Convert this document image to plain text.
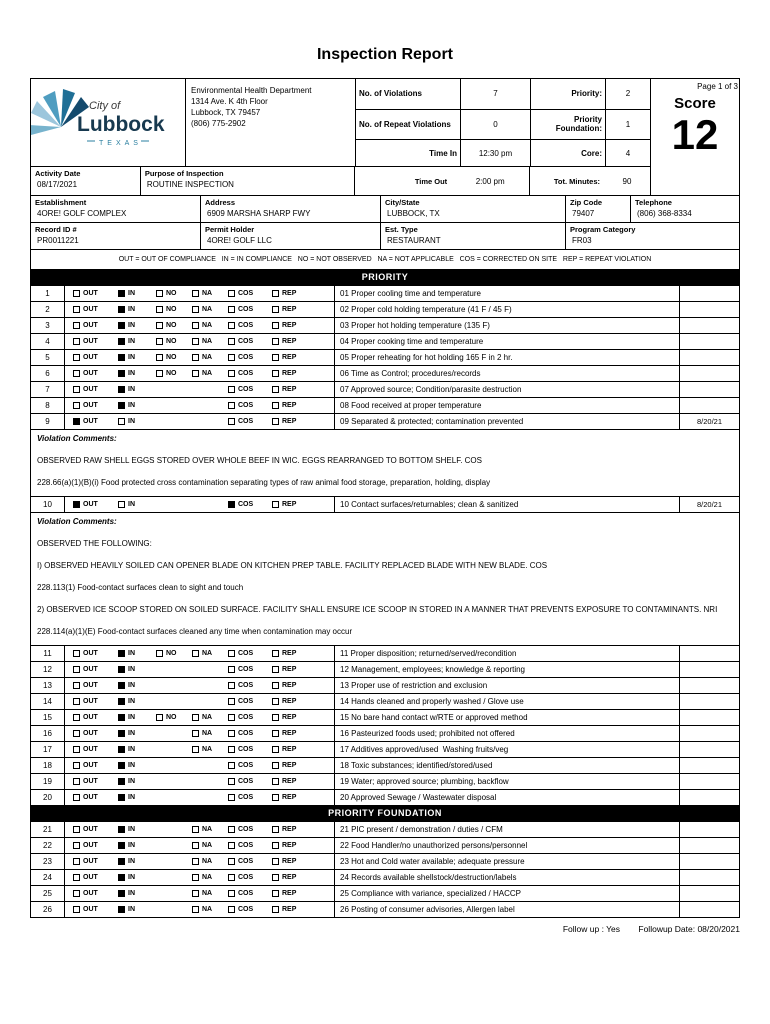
Inspection Report
Page 1 of 3
City of
Lubbock
TEXAS
Environmental Health Department
1314 Ave. K 4th Floor
Lubbock, TX 79457
(806) 775-2902
No. of Violations	7	Priority:	2
No. of Repeat Violations	0	Priority Foundation:	1
Time In	12:30 pm	Core:	4
Activity Date
08/17/2021
Purpose of Inspection
ROUTINE INSPECTION	Time Out	2:00 pm	Tot. Minutes:	90
Score
12
Establishment
4ORE! GOLF COMPLEX
Address
6909 MARSHA SHARP FWY
City/State
LUBBOCK, TX
Zip Code
79407
Telephone
(806) 368-8334
Record ID #
PR0011221
Permit Holder
4ORE! GOLF LLC
Est. Type
RESTAURANT
Program Category
FR03
OUT = OUT OF COMPLIANCE   IN = IN COMPLIANCE   NO = NOT OBSERVED   NA = NOT APPLICABLE   COS = CORRECTED ON SITE   REP = REPEAT VIOLATION
PRIORITY
1	OUT	IN	NO	NA	COS	REP	01 Proper cooling time and temperature
2	OUT	IN	NO	NA	COS	REP	02 Proper cold holding temperature (41 F / 45 F)
3	OUT	IN	NO	NA	COS	REP	03 Proper hot holding temperature (135 F)
4	OUT	IN	NO	NA	COS	REP	04 Proper cooking time and temperature
5	OUT	IN	NO	NA	COS	REP	05 Proper reheating for hot holding 165 F in 2 hr.
6	OUT	IN	NO	NA	COS	REP	06 Time as Control; procedures/records
7	OUT	IN	COS	REP	07 Approved source; Condition/parasite destruction
8	OUT	IN	COS	REP	08 Food received at proper temperature
9	OUT	IN	COS	REP	09 Separated & protected; contamination prevented	8/20/21
Violation Comments:
OBSERVED RAW SHELL EGGS STORED OVER WHOLE BEEF IN WIC. EGGS REARRANGED TO BOTTOM SHELF. COS
228.66(a)(1)(B)(i) Food protected cross contamination separating types of raw animal food storage, preparation, holding, display
10	OUT	IN	COS	REP	10 Contact surfaces/returnables; clean & sanitized	8/20/21
Violation Comments:
OBSERVED THE FOLLOWING:
I) OBSERVED HEAVILY SOILED CAN OPENER BLADE ON KITCHEN PREP TABLE. FACILITY REPLACED BLADE WITH NEW BLADE. COS
228.113(1) Food-contact surfaces clean to sight and touch
2) OBSERVED ICE SCOOP STORED ON SOILED SURFACE. FACILITY SHALL ENSURE ICE SCOOP IN STORED IN A MANNER THAT PREVENTS EXPOSURE TO CONTAMINANTS. NRI
228.114(a)(1)(E) Food-contact surfaces cleaned any time when contamination may occur
11	OUT	IN	NO	NA	COS	REP	11 Proper disposition; returned/served/recondition
12	OUT	IN	COS	REP	12 Management, employees; knowledge & reporting
13	OUT	IN	COS	REP	13 Proper use of restriction and exclusion
14	OUT	IN	COS	REP	14 Hands cleaned and properly washed / Glove use
15	OUT	IN	NO	NA	COS	REP	15 No bare hand contact w/RTE or approved method
16	OUT	IN	NA	COS	REP	16 Pasteurized foods used; prohibited not offered
17	OUT	IN	NA	COS	REP	17 Additives approved/used  Washing fruits/veg
18	OUT	IN	COS	REP	18 Toxic substances; identified/stored/used
19	OUT	IN	COS	REP	19 Water; approved source; plumbing, backflow
20	OUT	IN	COS	REP	20 Approved Sewage / Wastewater disposal
PRIORITY FOUNDATION
21	OUT	IN	NA	COS	REP	21 PIC present / demonstration / duties / CFM
22	OUT	IN	NA	COS	REP	22 Food Handler/no unauthorized persons/personnel
23	OUT	IN	NA	COS	REP	23 Hot and Cold water available; adequate pressure
24	OUT	IN	NA	COS	REP	24 Records available shellstock/destruction/labels
25	OUT	IN	NA	COS	REP	25 Compliance with variance, specialized / HACCP
26	OUT	IN	NA	COS	REP	26 Posting of consumer advisories, Allergen label
Follow up : Yes Followup Date: 08/20/2021
